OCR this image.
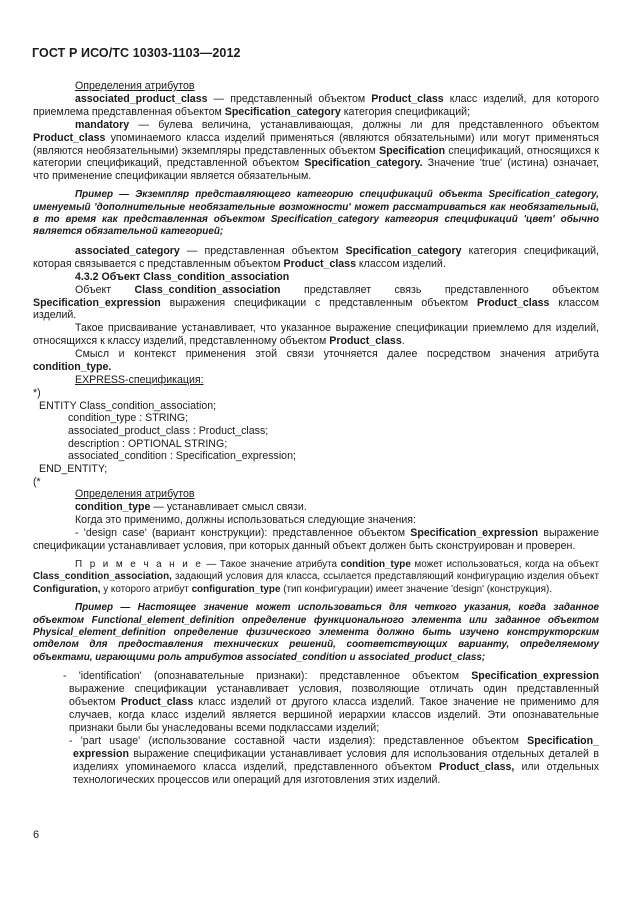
ГОСТ Р ИСО/ТС 10303-1103—2012

Определения атрибутов

associated_product_class — представленный объектом Product_class класс изделий, для которого приемлема представленная объектом Specification_category категория спецификаций;

mandatory — булева величина, устанавливающая, должны ли для представленного объектом Product_class упоминаемого класса изделий применяться (являются обязательными) или могут применяться (являются необязательными) экземпляры представленных объектом Specification спецификаций, относящихся к категории спецификаций, представленной объектом Specification_category. Значение 'true' (истина) означает, что применение спецификации является обязательным.

Пример — Экземпляр представляющего категорию спецификаций объекта Specification_category, именуемый 'дополнительные необязательные возможности' может рассматриваться как необязательный, в то время как представленная объектом Specification_category категория спецификаций 'цвет' обычно является обязательной категорией;

associated_category — представленная объектом Specification_category категория спецификаций, которая связывается с представленным объектом Product_class классом изделий.

4.3.2 Объект Class_condition_association

Объект Class_condition_association представляет связь представленного объектом Specification_expression выражения спецификации с представленным объектом Product_class классом изделий.

Такое присваивание устанавливает, что указанное выражение спецификации приемлемо для изделий, относящихся к классу изделий, представленному объектом Product_class.

Смысл и контекст применения этой связи уточняется далее посредством значения атрибута condition_type.

EXPRESS-спецификация:

*)
ENTITY Class_condition_association;
condition_type : STRING;
associated_product_class : Product_class;
description : OPTIONAL STRING;
associated_condition : Specification_expression;
END_ENTITY;
(*

Определения атрибутов

condition_type — устанавливает смысл связи.

Когда это применимо, должны использоваться следующие значения:

- 'design case' (вариант конструкции): представленное объектом Specification_expression выражение спецификации устанавливает условия, при которых данный объект должен быть сконструирован и проверен.

П р и м е ч а н и е — Такое значение атрибута condition_type может использоваться, когда на объект Class_condition_association, задающий условия для класса, ссылается представляющий конфигурацию изделия объект Configuration, у которого атрибут configuration_type (тип конфигурации) имеет значение 'design' (конструкция).

Пример — Настоящее значение может использоваться для четкого указания, когда заданное объектом Functional_element_definition определение функционального элемента или заданное объектом Physical_element_definition определение физического элемента должно быть изучено конструкторским отделом для предоставления технических решений, соответствующих варианту, определяемому объектами, играющими роль атрибутов associated_condition и associated_product_class;

- 'identification' (опознавательные признаки): представленное объектом Specification_expression выражение спецификации устанавливает условия, позволяющие отличать один представленный объектом Product_class класс изделий от другого класса изделий. Такое значение не применимо для случаев, когда класс изделий является вершиной иерархии классов изделий. Эти опознавательные признаки были бы унаследованы всеми подклассами изделий;

- 'part usage' (использование составной части изделия): представленное объектом Specification_ expression выражение спецификации устанавливает условия для использования отдельных деталей в изделиях упоминаемого класса изделий, представленного объектом Product_class, или отдельных технологических процессов или операций для изготовления этих изделий.

6
